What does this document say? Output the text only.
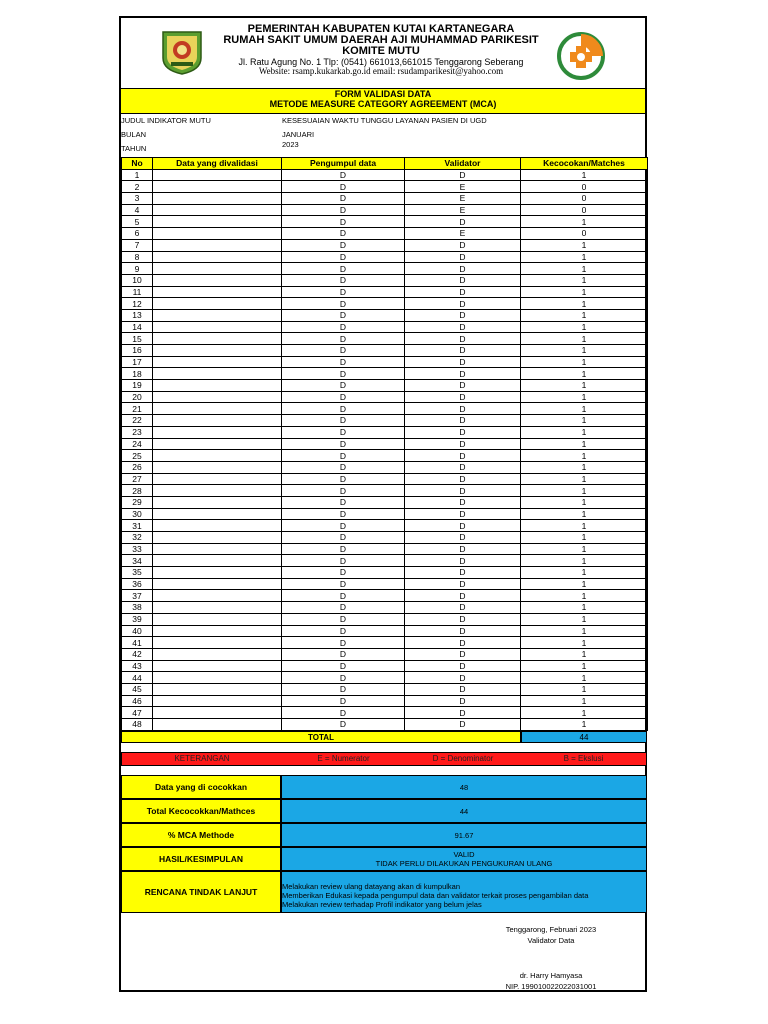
PEMERINTAH KABUPATEN KUTAI KARTANEGARA
RUMAH SAKIT UMUM DAERAH AJI MUHAMMAD PARIKESIT
KOMITE MUTU
Jl. Ratu Agung No. 1 Tlp: (0541) 661013,661015 Tenggarong Seberang
Website: rsamp.kukarkab.go.id email: rsudamparikesit@yahoo.com
FORM VALIDASI DATA
METODE MEASURE CATEGORY AGREEMENT (MCA)
JUDUL INDIKATOR MUTU	KESESUAIAN WAKTU TUNGGU LAYANAN PASIEN DI UGD
BULAN	JANUARI
TAHUN	2023
No	Data yang divalidasi	Pengumpul data	Validator	Kecocokan/Matches
1		D	D	1
2		D	E	0
3		D	E	0
4		D	E	0
5		D	D	1
6		D	E	0
7		D	D	1
8		D	D	1
9		D	D	1
10		D	D	1
11		D	D	1
12		D	D	1
13		D	D	1
14		D	D	1
15		D	D	1
16		D	D	1
17		D	D	1
18		D	D	1
19		D	D	1
20		D	D	1
21		D	D	1
22		D	D	1
23		D	D	1
24		D	D	1
25		D	D	1
26		D	D	1
27		D	D	1
28		D	D	1
29		D	D	1
30		D	D	1
31		D	D	1
32		D	D	1
33		D	D	1
34		D	D	1
35		D	D	1
36		D	D	1
37		D	D	1
38		D	D	1
39		D	D	1
40		D	D	1
41		D	D	1
42		D	D	1
43		D	D	1
44		D	D	1
45		D	D	1
46		D	D	1
47		D	D	1
48		D	D	1
TOTAL	44
KETERANGAN	E = Numerator	D = Denominator	B = Ekslusi
Data yang di cocokkan	48
Total Kecocokkan/Mathces	44
% MCA Methode	91.67
HASIL/KESIMPULAN	VALID
TIDAK PERLU DILAKUKAN PENGUKURAN ULANG
RENCANA TINDAK LANJUT
Melakukan review ulang datayang akan di kumpulkan
Memberikan Edukasi kepada pengumpul data dan validator terkait proses pengambilan data
Melakukan review terhadap Profil indikator yang belum jelas
Tenggarong, Februari 2023
Validator Data
dr. Harry Hamyasa
NIP. 199010022022031001
